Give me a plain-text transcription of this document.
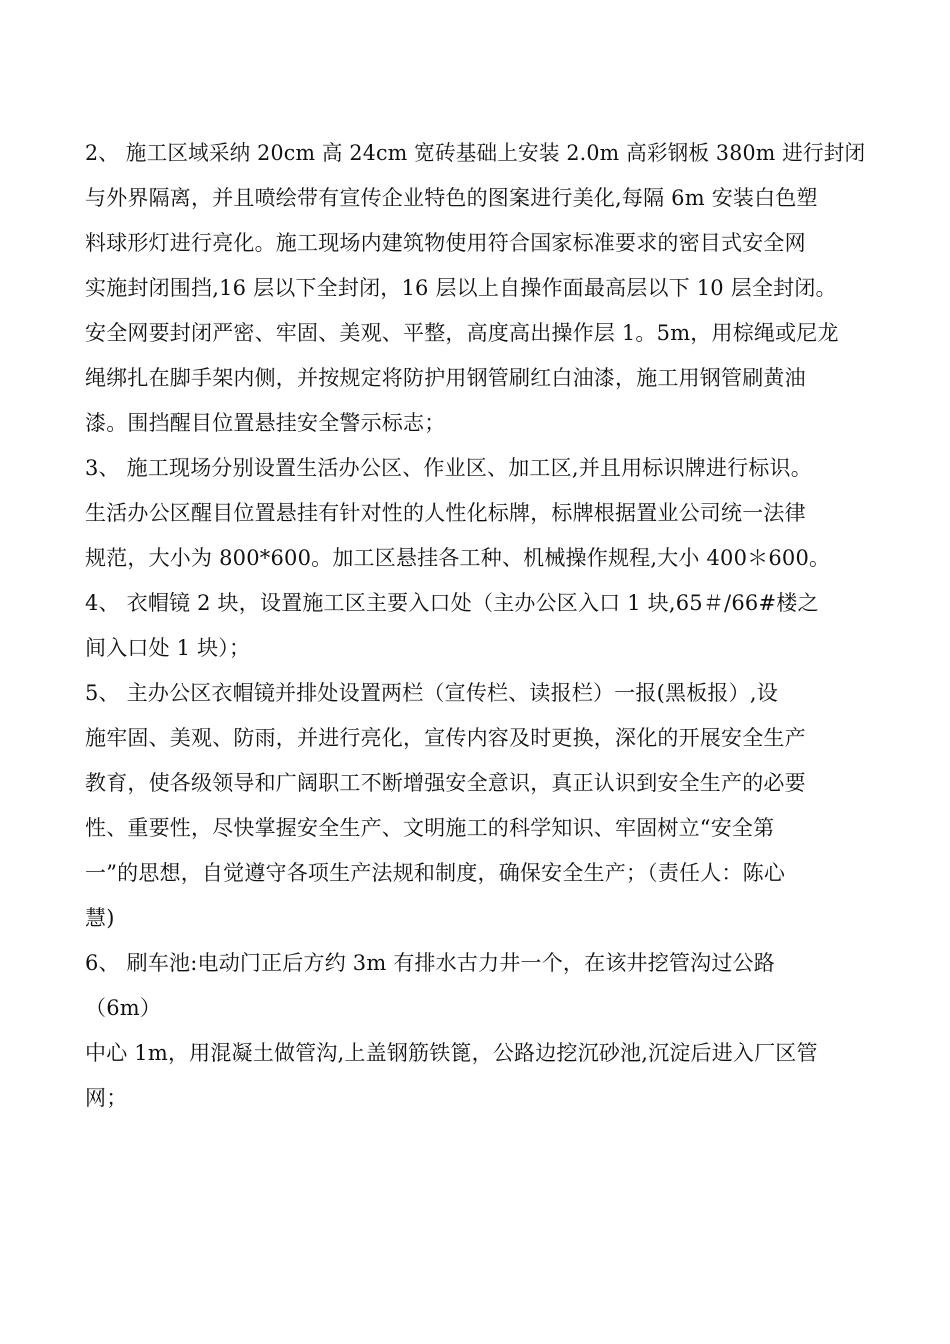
2、 施工区域采纳 20cm 高 24cm 宽砖基础上安装 2.0m 高彩钢板 380m 进行封闭
与外界隔离，并且喷绘带有宣传企业特色的图案进行美化,每隔 6m 安装白色塑
料球形灯进行亮化。施工现场内建筑物使用符合国家标准要求的密目式安全网
实施封闭围挡,16 层以下全封闭，16 层以上自操作面最高层以下 10 层全封闭。
安全网要封闭严密、牢固、美观、平整，高度高出操作层 1。5m，用棕绳或尼龙
绳绑扎在脚手架内侧，并按规定将防护用钢管刷红白油漆，施工用钢管刷黄油
漆。围挡醒目位置悬挂安全警示标志；
3、 施工现场分别设置生活办公区、作业区、加工区,并且用标识牌进行标识。
生活办公区醒目位置悬挂有针对性的人性化标牌，标牌根据置业公司统一法律
规范，大小为 800*600。加工区悬挂各工种、机械操作规程,大小 400＊600。
4、 衣帽镜 2 块，设置施工区主要入口处（主办公区入口 1 块,65＃/66#楼之
间入口处 1 块）；
5、 主办公区衣帽镜并排处设置两栏（宣传栏、读报栏）一报(黑板报）,设
施牢固、美观、防雨，并进行亮化，宣传内容及时更换，深化的开展安全生产
教育，使各级领导和广阔职工不断增强安全意识，真正认识到安全生产的必要
性、重要性，尽快掌握安全生产、文明施工的科学知识、牢固树立“安全第
一”的思想，自觉遵守各项生产法规和制度，确保安全生产；（责任人：陈心
慧)
6、 刷车池:电动门正后方约 3m 有排水古力井一个，在该井挖管沟过公路
（6m）
中心 1m，用混凝土做管沟,上盖钢筋铁篦，公路边挖沉砂池,沉淀后进入厂区管
网；
